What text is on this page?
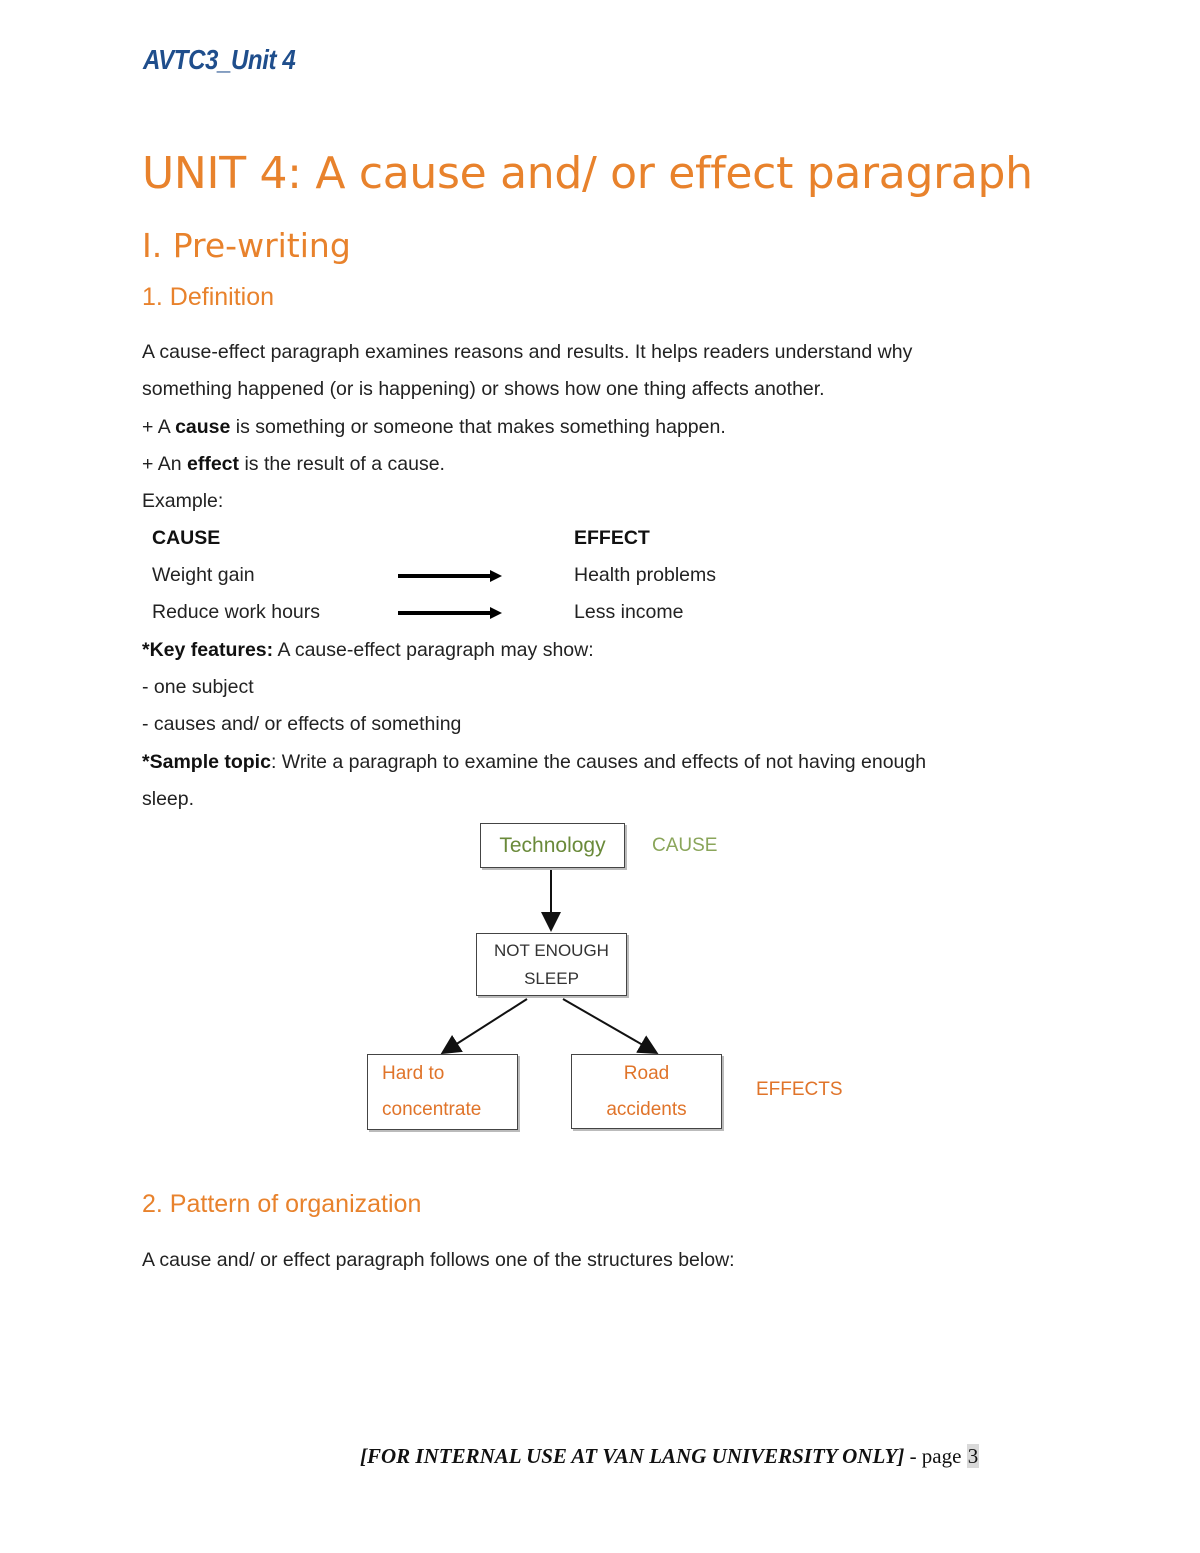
AVTC3_Unit 4
UNIT 4: A cause and/ or effect paragraph
I. Pre-writing
1. Definition
A cause-effect paragraph examines reasons and results. It helps readers understand why
something happened (or is happening) or shows how one thing affects another.
+ A cause is something or someone that makes something happen.
+ An effect is the result of a cause.
Example:
CAUSE	EFFECT
Weight gain	Health problems
Reduce work hours	Less income
*Key features: A cause-effect paragraph may show:
- one subject
- causes and/ or effects of something
*Sample topic: Write a paragraph to examine the causes and effects of not having enough
sleep.
Technology CAUSE
NOT ENOUGH
SLEEP
Hard to
concentrate
Road
accidents
EFFECTS
2. Pattern of organization
A cause and/ or effect paragraph follows one of the structures below:
[FOR INTERNAL USE AT VAN LANG UNIVERSITY ONLY] - page 3
